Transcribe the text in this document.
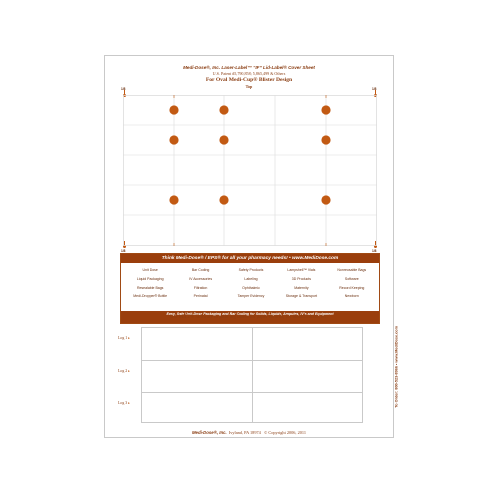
Medi-Dose®, Inc. Laser-Label™ “IF” Lid-Label® Cover Sheet
U.S. Patent #5,790,858; 5,865,499 & Others
For Oval Medi-Cup® Blister Design
Top
1/8	1/8
1/8	1/8
Think Medi-Dose® / EPS® for all your pharmacy needs! • www.MediDose.com
Unit Dose	Bar Coding	Safety Products	Lampshell™ Vials	Nonreusable Bags
Liquid Packaging	IV Accessories	Labeling	3D Products	Software
Resealable Bags	Filtration	Ophthalmic	Maternity	Record Keeping
Medi-Dropper® Bottle	Perinatal	Tamper Evidency	Storage & Transport	Newborn
Easy, Safe Unit-Dose Packaging and Bar Coding for Solids, Liquids, Ampules, IV's and Equipment
Use MILT® Software to print log labels for paper records, for identification, etc.
Log 1 ▸
Log 2 ▸
Log 3 ▸	To Order: 800-523-8966 • www.MediDose.com
Medi-Dose®, Inc. Ivyland, PA 18974 © Copyright 2006, 2011
